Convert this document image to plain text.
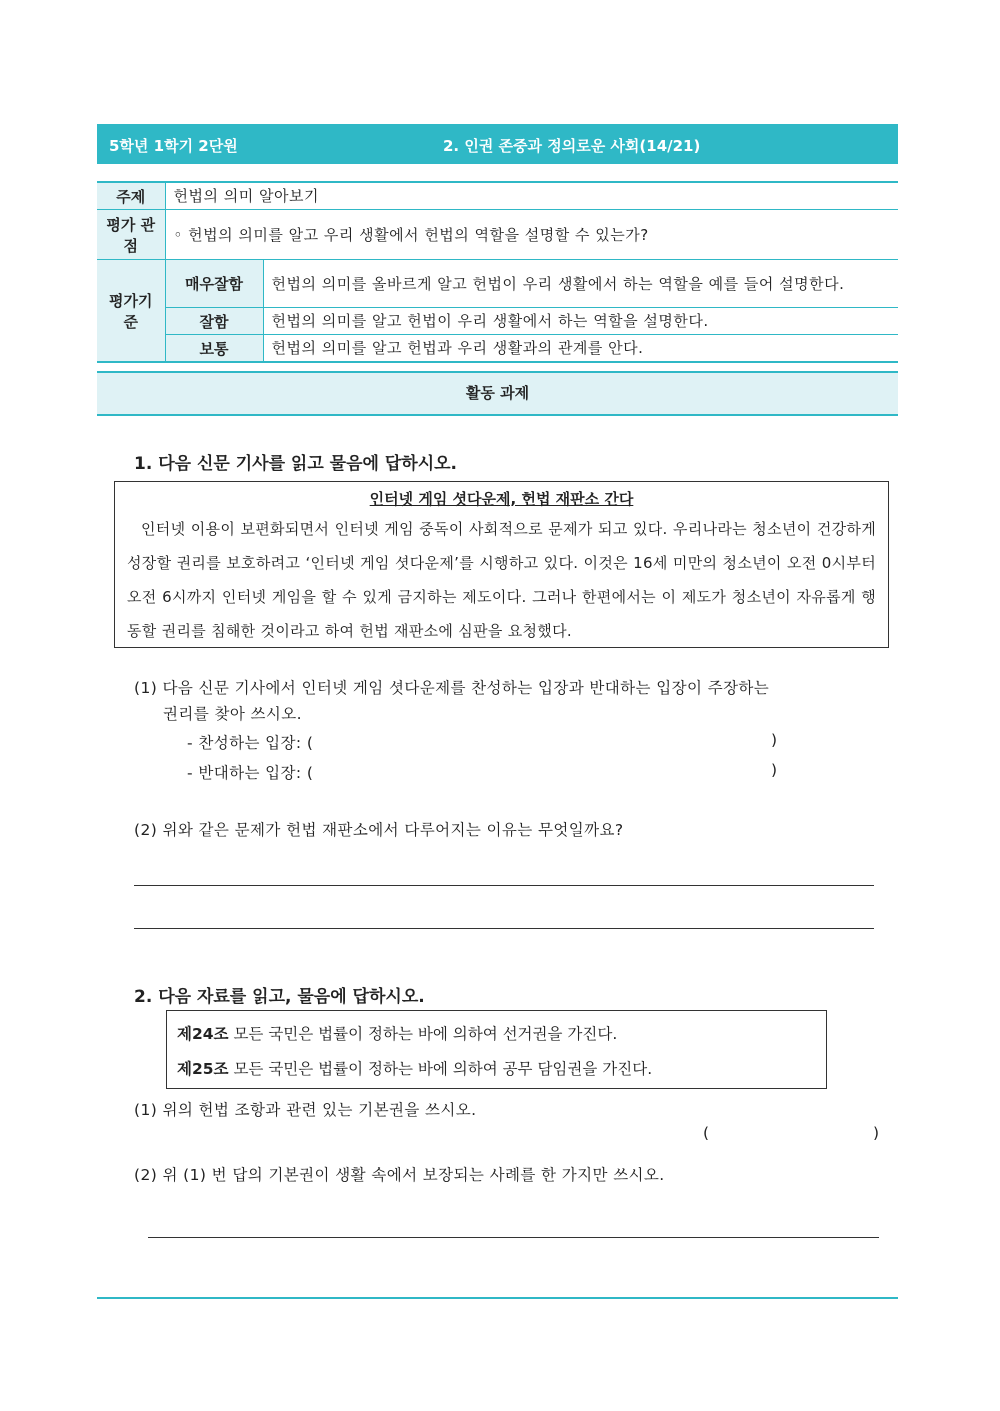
5학년 1학기 2단원	2. 인권 존중과 정의로운 사회(14/21)
주제	헌법의 의미 알아보기	
평가 관점	◦ 헌법의 의미를 알고 우리 생활에서 헌법의 역할을 설명할 수 있는가?	
평가기준	매우잘함	헌법의 의미를 올바르게 알고 헌법이 우리 생활에서 하는 역할을 예를 들어 설명한다.
	잘함	헌법의 의미를 알고 헌법이 우리 생활에서 하는 역할을 설명한다.
	보통	헌법의 의미를 알고 헌법과 우리 생활과의 관계를 안다.
활동 과제
1. 다음 신문 기사를 읽고 물음에 답하시오.
인터넷 게임 셧다운제, 헌법 재판소 간다
인터넷 이용이 보편화되면서 인터넷 게임 중독이 사회적으로 문제가 되고 있다. 우리나라는 청소년이 건강하게 성장할 권리를 보호하려고 ‘인터넷 게임 셧다운제’를 시행하고 있다. 이것은 16세 미만의 청소년이 오전 0시부터 오전 6시까지 인터넷 게임을 할 수 있게 금지하는 제도이다. 그러나 한편에서는 이 제도가 청소년이 자유롭게 행동할 권리를 침해한 것이라고 하여 헌법 재판소에 심판을 요청했다.
(1) 다음 신문 기사에서 인터넷 게임 셧다운제를 찬성하는 입장과 반대하는 입장이 주장하는
권리를 찾아 쓰시오.
- 찬성하는 입장: (	)
- 반대하는 입장: (	)
(2) 위와 같은 문제가 헌법 재판소에서 다루어지는 이유는 무엇일까요?
2. 다음 자료를 읽고, 물음에 답하시오.
제24조 모든 국민은 법률이 정하는 바에 의하여 선거권을 가진다.
제25조 모든 국민은 법률이 정하는 바에 의하여 공무 담임권을 가진다.
(1) 위의 헌법 조항과 관련 있는 기본권을 쓰시오.
(	)
(2) 위 (1) 번 답의 기본권이 생활 속에서 보장되는 사례를 한 가지만 쓰시오.
